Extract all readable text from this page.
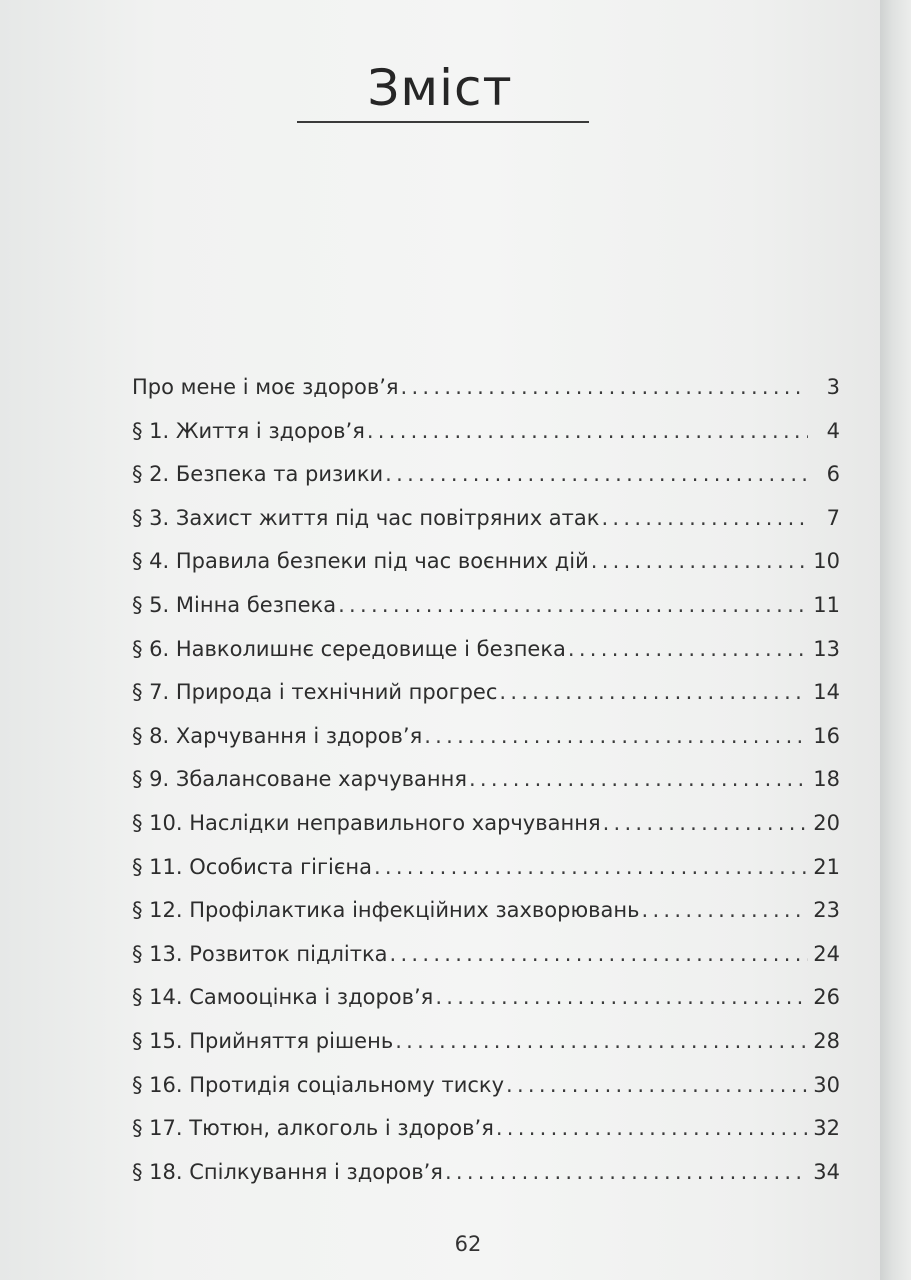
Зміст
Про мене і моє здоров’я . . .	3
§ 1. Життя і здоров’я . . .	4
§ 2. Безпека та ризики . . .	6
§ 3. Захист життя під час повітряних атак . . .	7
§ 4. Правила безпеки під час воєнних дій . . .	10
§ 5. Мінна безпека . . .	11
§ 6. Навколишнє середовище і безпека . . .	13
§ 7. Природа і технічний прогрес . . .	14
§ 8. Харчування і здоров’я . . .	16
§ 9. Збалансоване харчування . . .	18
§ 10. Наслідки неправильного харчування . . .	20
§ 11. Особиста гігієна . . .	21
§ 12. Профілактика інфекційних захворювань . . .	23
§ 13. Розвиток підлітка . . .	24
§ 14. Самооцінка і здоров’я . . .	26
§ 15. Прийняття рішень . . .	28
§ 16. Протидія соціальному тиску . . .	30
§ 17. Тютюн, алкоголь і здоров’я . . .	32
§ 18. Спілкування і здоров’я . . .	34
62
